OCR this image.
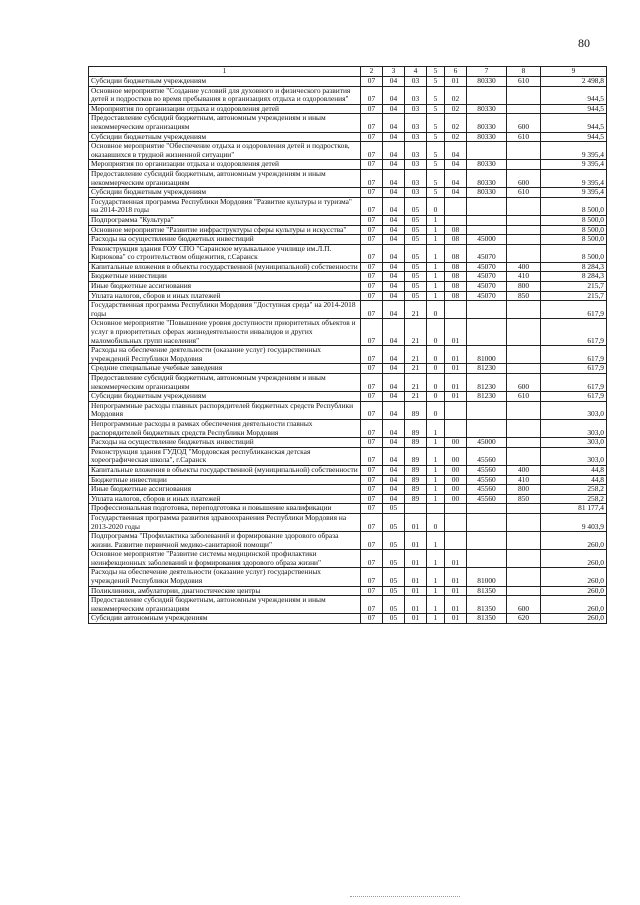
80
1	2	3	4	5	6	7	8	9
Субсидии бюджетным учреждениям	07	04	03	5	01	80330	610	2 498,8
Основное мероприятие "Создание условий для духовного и физического развития детей и подростков во время пребывания в организациях отдыха и оздоровления"	07	04	03	5	02			944,5
Мероприятия по организации отдыха и оздоровления детей	07	04	03	5	02	80330		944,5
Предоставление субсидий бюджетным, автономным учреждениям и иным некоммерческим организациям	07	04	03	5	02	80330	600	944,5
Субсидии бюджетным учреждениям	07	04	03	5	02	80330	610	944,5
Основное мероприятие "Обеспечение отдыха и оздоровления детей и подростков, оказавшихся в трудной жизненной ситуации"	07	04	03	5	04			9 395,4
Мероприятия по организации отдыха и оздоровления детей	07	04	03	5	04	80330		9 395,4
Предоставление субсидий бюджетным, автономным учреждениям и иным некоммерческим организациям	07	04	03	5	04	80330	600	9 395,4
Субсидии бюджетным учреждениям	07	04	03	5	04	80330	610	9 395,4
Государственная программа Республики Мордовия "Развитие культуры и туризма" на 2014-2018 годы	07	04	05	0				8 500,0
Подпрограмма "Культура"	07	04	05	1				8 500,0
Основное мероприятие "Развитие инфраструктуры сферы культуры и искусства"	07	04	05	1	08			8 500,0
Расходы на осуществление бюджетных инвестиций	07	04	05	1	08	45000		8 500,0
Реконструкция здания ГОУ СПО "Саранское музыкальное училище им.Л.П. Кирюкова" со строительством общежития, г.Саранск	07	04	05	1	08	45070		8 500,0
Капитальные вложения в объекты государственной (муниципальной) собственности	07	04	05	1	08	45070	400	8 284,3
Бюджетные инвестиции	07	04	05	1	08	45070	410	8 284,3
Иные бюджетные ассигнования	07	04	05	1	08	45070	800	215,7
Уплата налогов, сборов и иных платежей	07	04	05	1	08	45070	850	215,7
Государственная программа Республики Мордовия "Доступная среда" на 2014-2018 годы	07	04	21	0				617,9
Основное мероприятие "Повышение уровня доступности приоритетных объектов и услуг в приоритетных сферах жизнедеятельности инвалидов и других маломобильных групп населения"	07	04	21	0	01			617,9
Расходы на обеспечение деятельности (оказание услуг) государственных учреждений Республики Мордовия	07	04	21	0	01	81000		617,9
Средние специальные учебные заведения	07	04	21	0	01	81230		617,9
Предоставление субсидий бюджетным, автономным учреждениям и иным некоммерческим организациям	07	04	21	0	01	81230	600	617,9
Субсидии бюджетным учреждениям	07	04	21	0	01	81230	610	617,9
Непрограммные расходы главных распорядителей бюджетных средств Республики Мордовия	07	04	89	0				303,0
Непрограммные расходы в рамках обеспечения деятельности главных распорядителей бюджетных средств Республики Мордовия	07	04	89	1				303,0
Расходы на осуществление бюджетных инвестиций	07	04	89	1	00	45000		303,0
Реконструкция здания ГУДОД "Мордовская республиканская детская хореографическая школа", г.Саранск	07	04	89	1	00	45560		303,0
Капитальные вложения в объекты государственной (муниципальной) собственности	07	04	89	1	00	45560	400	44,8
Бюджетные инвестиции	07	04	89	1	00	45560	410	44,8
Иные бюджетные ассигнования	07	04	89	1	00	45560	800	258,2
Уплата налогов, сборов и иных платежей	07	04	89	1	00	45560	850	258,2
Профессиональная подготовка, переподготовка и повышение квалификации	07	05						81 177,4
Государственная программа развития здравоохранения Республики Мордовия на 2013-2020 годы	07	05	01	0				9 403,9
Подпрограмма "Профилактика заболеваний и формирование здорового образа жизни. Развитие первичной медико-санитарной помощи"	07	05	01	1				260,0
Основное мероприятие "Развитие системы медицинской профилактики неинфекционных заболеваний и формирования здорового образа жизни"	07	05	01	1	01			260,0
Расходы на обеспечение деятельности (оказание услуг) государственных учреждений Республики Мордовия	07	05	01	1	01	81000		260,0
Поликлиники, амбулатории, диагностические центры	07	05	01	1	01	81350		260,0
Предоставление субсидий бюджетным, автономным учреждениям и иным некоммерческим организациям	07	05	01	1	01	81350	600	260,0
Субсидии автономным учреждениям	07	05	01	1	01	81350	620	260,0
